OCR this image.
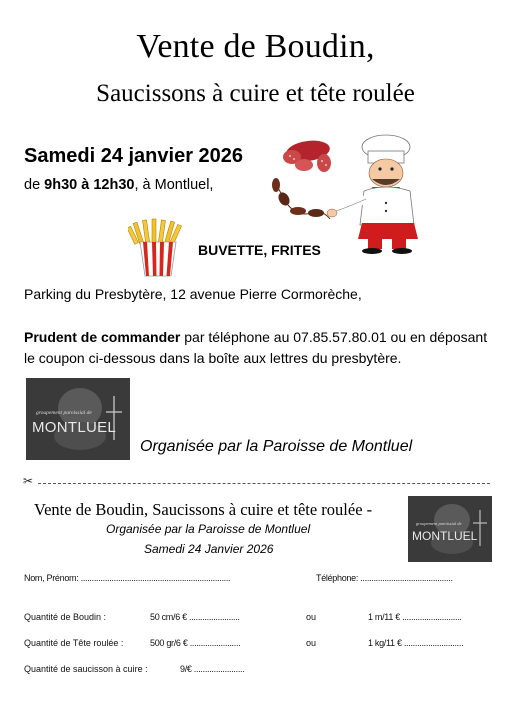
Vente de Boudin,
Saucissons à cuire et tête roulée
Samedi 24 janvier 2026
de 9h30 à 12h30, à Montluel,
BUVETTE, FRITES
Parking du Presbytère, 12 avenue Pierre Cormorèche,
Prudent de commander par téléphone au 07.85.57.80.01 ou en déposant le coupon ci-dessous dans la boîte aux lettres du presbytère.
groupement paroissial de
MONTLUEL
Organisée par la Paroisse de Montluel
✂
Vente de Boudin, Saucissons à cuire et tête roulée -
Organisée par la Paroisse de Montluel
Samedi 24 Janvier 2026
groupement paroissial de
MONTLUEL
Nom, Prénom: ....................................................................	Téléphone: ..........................................
Quantité de Boudin :	50 cm/6 € .......................	ou	1 m/11 € ...........................
Quantité de Tête roulée :	500 gr/6 € .......................	ou	1 kg/11 € ...........................
Quantité de saucisson à cuire :	9/€ .......................
